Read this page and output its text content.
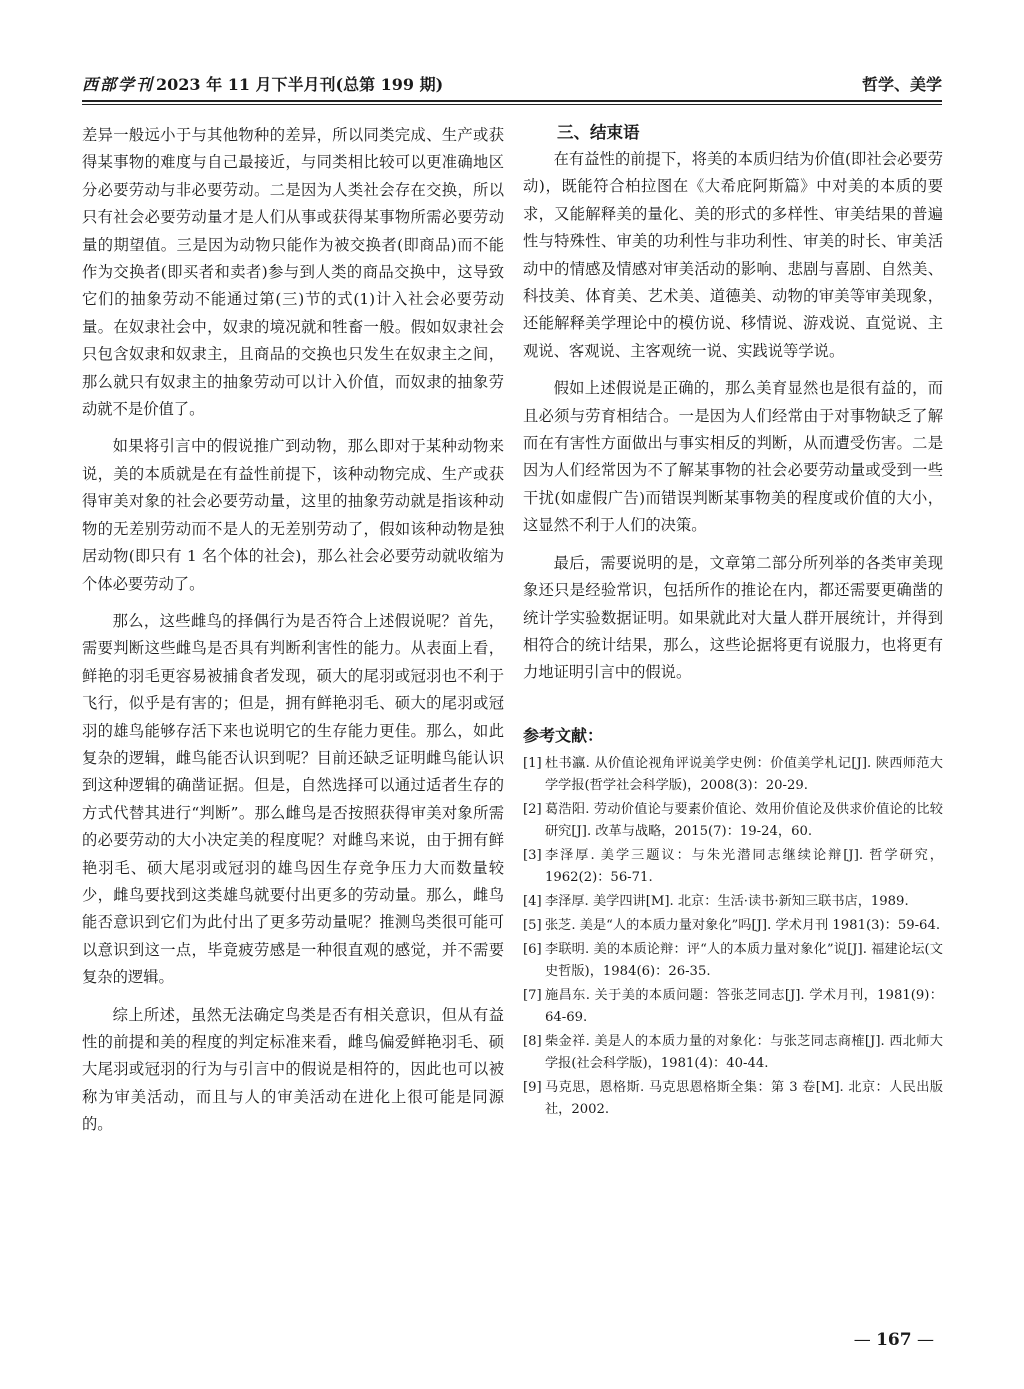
西部学刊 2023 年 11 月下半月刊(总第 199 期)	哲学、美学

差异一般远小于与其他物种的差异，所以同类完成、生产或获得某事物的难度与自己最接近，与同类相比较可以更准确地区分必要劳动与非必要劳动。二是因为人类社会存在交换，所以只有社会必要劳动量才是人们从事或获得某事物所需必要劳动量的期望值。三是因为动物只能作为被交换者(即商品)而不能作为交换者(即买者和卖者)参与到人类的商品交换中，这导致它们的抽象劳动不能通过第(三)节的式(1)计入社会必要劳动量。在奴隶社会中，奴隶的境况就和牲畜一般。假如奴隶社会只包含奴隶和奴隶主，且商品的交换也只发生在奴隶主之间，那么就只有奴隶主的抽象劳动可以计入价值，而奴隶的抽象劳动就不是价值了。

如果将引言中的假说推广到动物，那么即对于某种动物来说，美的本质就是在有益性前提下，该种动物完成、生产或获得审美对象的社会必要劳动量，这里的抽象劳动就是指该种动物的无差别劳动而不是人的无差别劳动了，假如该种动物是独居动物(即只有 1 名个体的社会)，那么社会必要劳动就收缩为个体必要劳动了。

那么，这些雌鸟的择偶行为是否符合上述假说呢？首先，需要判断这些雌鸟是否具有判断利害性的能力。从表面上看，鲜艳的羽毛更容易被捕食者发现，硕大的尾羽或冠羽也不利于飞行，似乎是有害的；但是，拥有鲜艳羽毛、硕大的尾羽或冠羽的雄鸟能够存活下来也说明它的生存能力更佳。那么，如此复杂的逻辑，雌鸟能否认识到呢？目前还缺乏证明雌鸟能认识到这种逻辑的确凿证据。但是，自然选择可以通过适者生存的方式代替其进行“判断”。那么雌鸟是否按照获得审美对象所需的必要劳动的大小决定美的程度呢？对雌鸟来说，由于拥有鲜艳羽毛、硕大尾羽或冠羽的雄鸟因生存竞争压力大而数量较少，雌鸟要找到这类雄鸟就要付出更多的劳动量。那么，雌鸟能否意识到它们为此付出了更多劳动量呢？推测鸟类很可能可以意识到这一点，毕竟疲劳感是一种很直观的感觉，并不需要复杂的逻辑。

综上所述，虽然无法确定鸟类是否有相关意识，但从有益性的前提和美的程度的判定标准来看，雌鸟偏爱鲜艳羽毛、硕大尾羽或冠羽的行为与引言中的假说是相符的，因此也可以被称为审美活动，而且与人的审美活动在进化上很可能是同源的。

三、结束语

在有益性的前提下，将美的本质归结为价值(即社会必要劳动)，既能符合柏拉图在《大希庇阿斯篇》中对美的本质的要求，又能解释美的量化、美的形式的多样性、审美结果的普遍性与特殊性、审美的功利性与非功利性、审美的时长、审美活动中的情感及情感对审美活动的影响、悲剧与喜剧、自然美、科技美、体育美、艺术美、道德美、动物的审美等审美现象，还能解释美学理论中的模仿说、移情说、游戏说、直觉说、主观说、客观说、主客观统一说、实践说等学说。

假如上述假说是正确的，那么美育显然也是很有益的，而且必须与劳育相结合。一是因为人们经常由于对事物缺乏了解而在有害性方面做出与事实相反的判断，从而遭受伤害。二是因为人们经常因为不了解某事物的社会必要劳动量或受到一些干扰(如虚假广告)而错误判断某事物美的程度或价值的大小，这显然不利于人们的决策。

最后，需要说明的是，文章第二部分所列举的各类审美现象还只是经验常识，包括所作的推论在内，都还需要更确凿的统计学实验数据证明。如果就此对大量人群开展统计，并得到相符合的统计结果，那么，这些论据将更有说服力，也将更有力地证明引言中的假说。

参考文献：
[1] 杜书瀛. 从价值论视角评说美学史例：价值美学札记[J]. 陕西师范大学学报(哲学社会科学版)，2008(3)：20-29.
[2] 葛浩阳. 劳动价值论与要素价值论、效用价值论及供求价值论的比较研究[J]. 改革与战略，2015(7)：19-24，60.
[3] 李泽厚. 美学三题议：与朱光潜同志继续论辩[J]. 哲学研究，1962(2)：56-71.
[4] 李泽厚. 美学四讲[M]. 北京：生活·读书·新知三联书店，1989.
[5] 张芝. 美是“人的本质力量对象化”吗[J]. 学术月刊 1981(3)：59-64.
[6] 李联明. 美的本质论辩：评“人的本质力量对象化”说[J]. 福建论坛(文史哲版)，1984(6)：26-35.
[7] 施昌东. 关于美的本质问题：答张芝同志[J]. 学术月刊，1981(9)：64-69.
[8] 柴金祥. 美是人的本质力量的对象化：与张芝同志商榷[J]. 西北师大学报(社会科学版)，1981(4)：40-44.
[9] 马克思，恩格斯. 马克思恩格斯全集：第 3 卷[M]. 北京：人民出版社，2002.
— 167 —
